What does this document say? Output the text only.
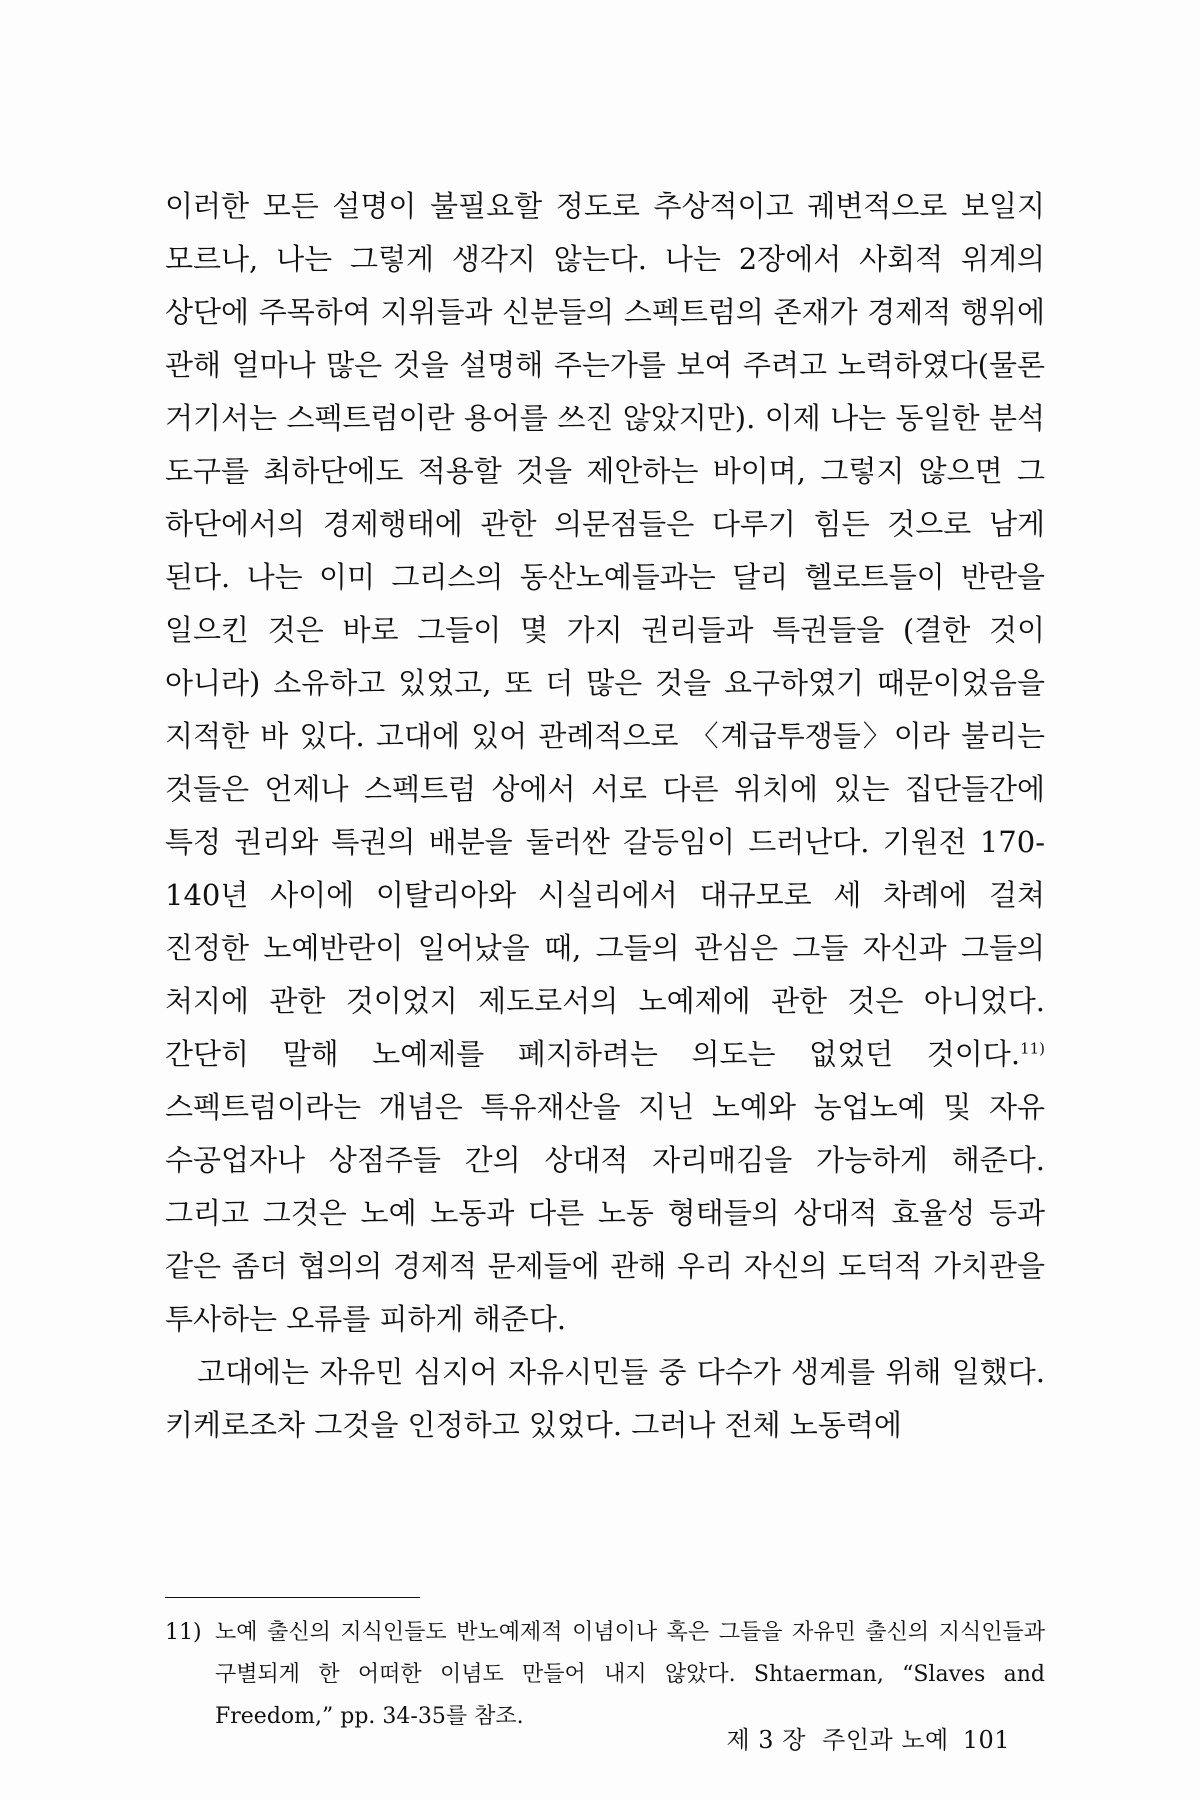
이러한 모든 설명이 불필요할 정도로 추상적이고 궤변적으로 보일지 모르나, 나는 그렇게 생각지 않는다. 나는 2장에서 사회적 위계의 상단에 주목하여 지위들과 신분들의 스펙트럼의 존재가 경제적 행위에 관해 얼마나 많은 것을 설명해 주는가를 보여 주려고 노력하였다(물론 거기서는 스펙트럼이란 용어를 쓰진 않았지만). 이제 나는 동일한 분석 도구를 최하단에도 적용할 것을 제안하는 바이며, 그렇지 않으면 그 하단에서의 경제행태에 관한 의문점들은 다루기 힘든 것으로 남게 된다. 나는 이미 그리스의 동산노예들과는 달리 헬로트들이 반란을 일으킨 것은 바로 그들이 몇 가지 권리들과 특권들을 (결한 것이 아니라) 소유하고 있었고, 또 더 많은 것을 요구하였기 때문이었음을 지적한 바 있다. 고대에 있어 관례적으로 〈계급투쟁들〉이라 불리는 것들은 언제나 스펙트럼 상에서 서로 다른 위치에 있는 집단들간에 특정 권리와 특권의 배분을 둘러싼 갈등임이 드러난다. 기원전 170-140년 사이에 이탈리아와 시실리에서 대규모로 세 차례에 걸쳐 진정한 노예반란이 일어났을 때, 그들의 관심은 그들 자신과 그들의 처지에 관한 것이었지 제도로서의 노예제에 관한 것은 아니었다. 간단히 말해 노예제를 폐지하려는 의도는 없었던 것이다.$^{11)}$ 스펙트럼이라는 개념은 특유재산을 지닌 노예와 농업노예 및 자유 수공업자나 상점주들 간의 상대적 자리매김을 가능하게 해준다. 그리고 그것은 노예 노동과 다른 노동 형태들의 상대적 효율성 등과 같은 좀더 협의의 경제적 문제들에 관해 우리 자신의 도덕적 가치관을 투사하는 오류를 피하게 해준다.

고대에는 자유민 심지어 자유시민들 중 다수가 생계를 위해 일했다. 키케로조차 그것을 인정하고 있었다. 그러나 전체 노동력에

11) 노예 출신의 지식인들도 반노예제적 이념이나 혹은 그들을 자유민 출신의 지식인들과 구별되게 한 어떠한 이념도 만들어 내지 않았다. Shtaerman, “Slaves and Freedom,” pp. 34-35를 참조.
제 3 장  주인과 노예 101
